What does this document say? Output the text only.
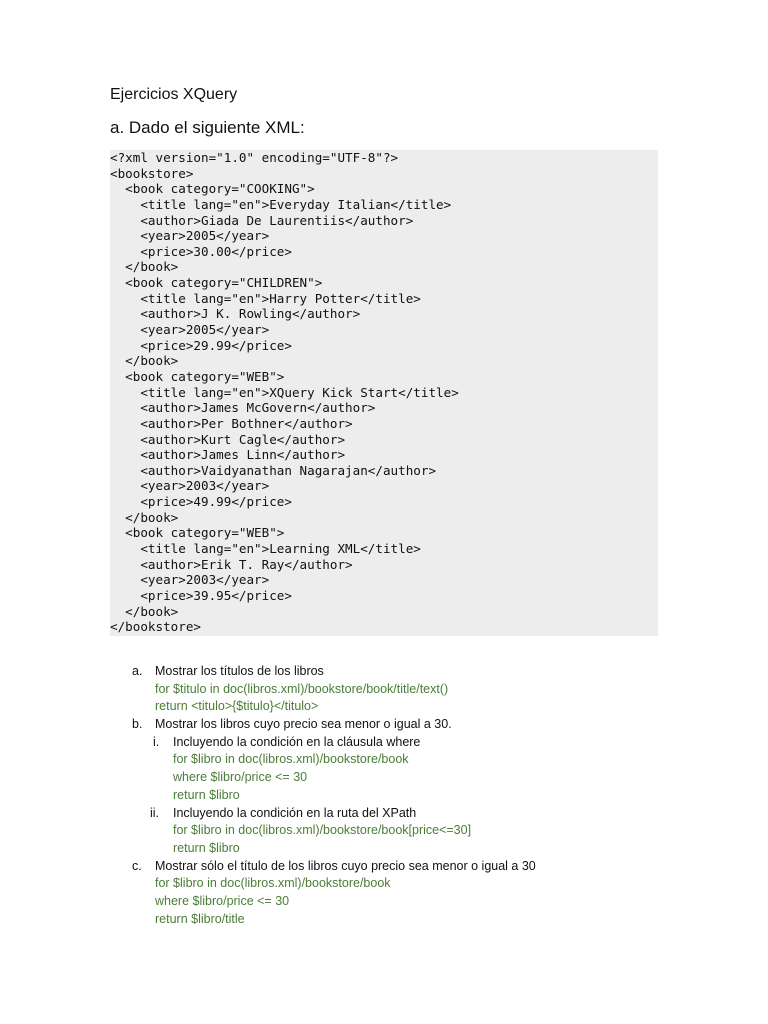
Ejercicios XQuery
a. Dado el siguiente XML:
<?xml version="1.0" encoding="UTF-8"?>
<bookstore>
<book category="COOKING">
<title lang="en">Everyday Italian</title>
<author>Giada De Laurentiis</author>
<year>2005</year>
<price>30.00</price>
</book>
<book category="CHILDREN">
<title lang="en">Harry Potter</title>
<author>J K. Rowling</author>
<year>2005</year>
<price>29.99</price>
</book>
<book category="WEB">
<title lang="en">XQuery Kick Start</title>
<author>James McGovern</author>
<author>Per Bothner</author>
<author>Kurt Cagle</author>
<author>James Linn</author>
<author>Vaidyanathan Nagarajan</author>
<year>2003</year>
<price>49.99</price>
</book>
<book category="WEB">
<title lang="en">Learning XML</title>
<author>Erik T. Ray</author>
<year>2003</year>
<price>39.95</price>
</book>
</bookstore>
a. Mostrar los títulos de los libros
for $titulo in doc(libros.xml)/bookstore/book/title/text()
return <titulo>{$titulo}</titulo>
b. Mostrar los libros cuyo precio sea menor o igual a 30.
i. Incluyendo la condición en la cláusula where
for $libro in doc(libros.xml)/bookstore/book
where $libro/price <= 30
return $libro
ii. Incluyendo la condición en la ruta del XPath
for $libro in doc(libros.xml)/bookstore/book[price<=30]
return $libro
c. Mostrar sólo el título de los libros cuyo precio sea menor o igual a 30
for $libro in doc(libros.xml)/bookstore/book
where $libro/price <= 30
return $libro/title
